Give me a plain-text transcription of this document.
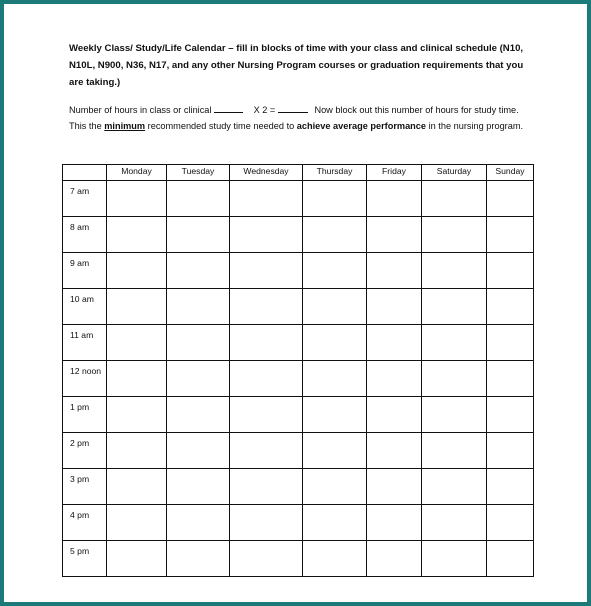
Weekly Class/ Study/Life Calendar – fill in blocks of time with your class and clinical schedule (N10, N10L, N900, N36, N17, and any other Nursing Program courses or graduation requirements that you are taking.)

Number of hours in class or clinical	X 2 =	Now block out this number of hours for study time.
This the minimum recommended study time needed to achieve average performance in the nursing program.

	Monday	Tuesday	Wednesday	Thursday	Friday	Saturday	Sunday
7 am							
8 am							
9 am							
10 am							
11 am							
12 noon							
1 pm							
2 pm							
3 pm							
4 pm							
5 pm							
